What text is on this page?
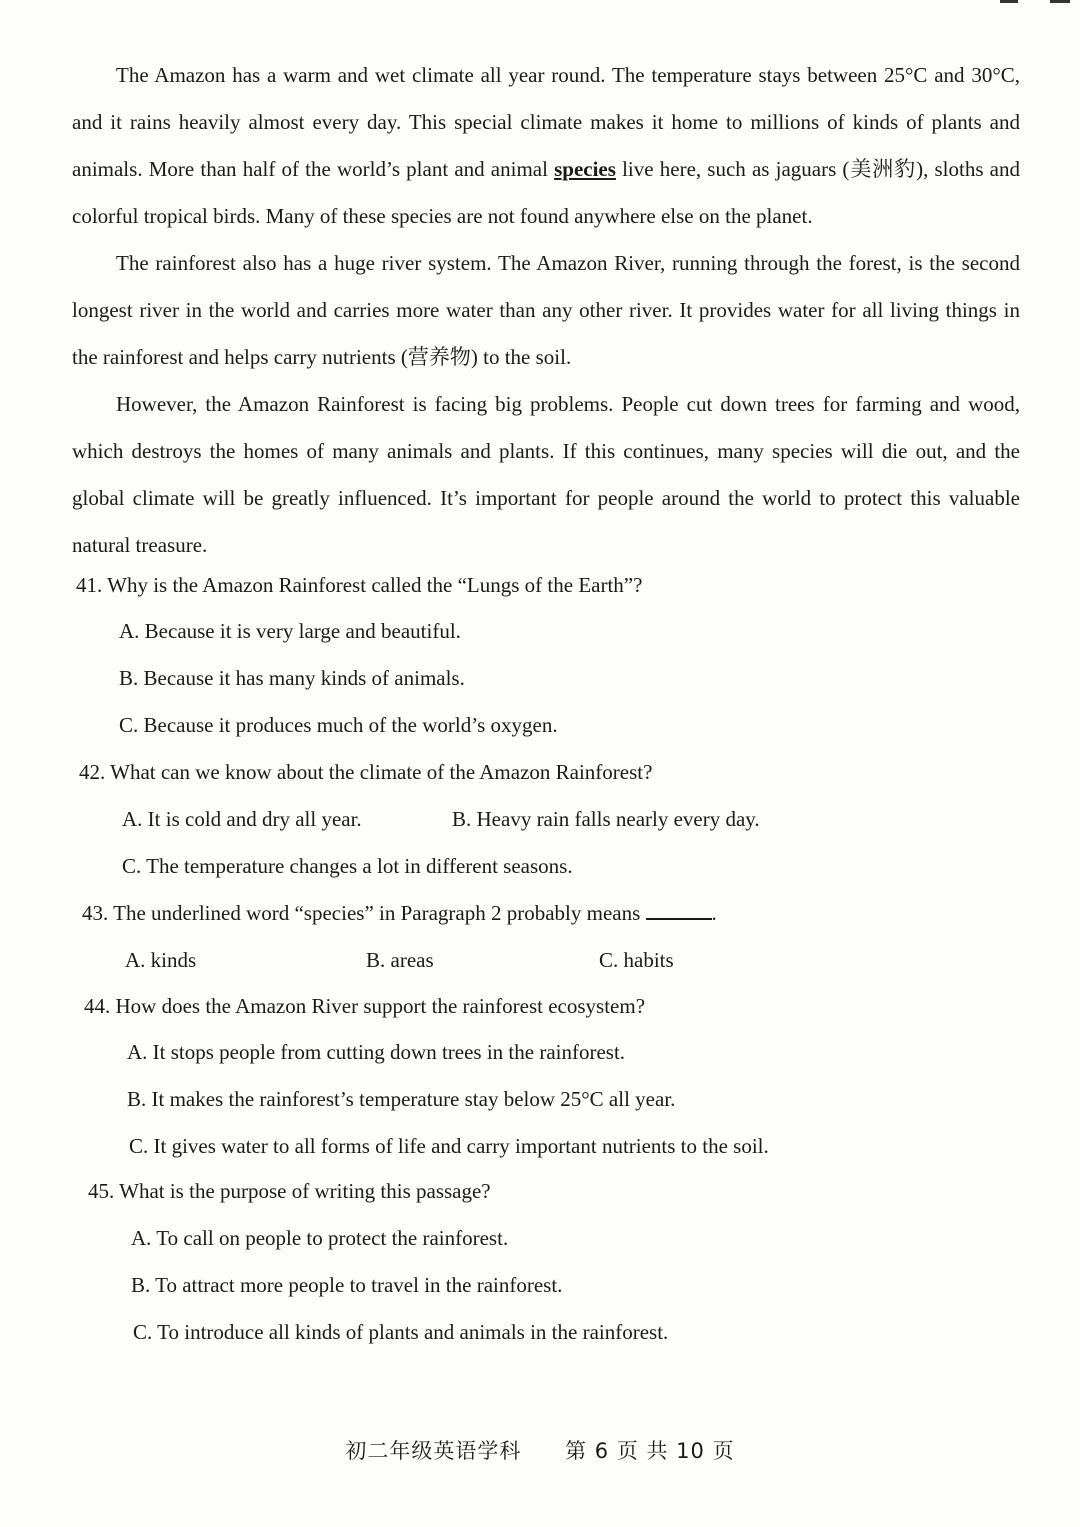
The Amazon has a warm and wet climate all year round. The temperature stays between 25°C and 30°C, and it rains heavily almost every day. This special climate makes it home to millions of kinds of plants and animals. More than half of the world’s plant and animal species live here, such as jaguars (美洲豹), sloths and colorful tropical birds. Many of these species are not found anywhere else on the planet.

The rainforest also has a huge river system. The Amazon River, running through the forest, is the second longest river in the world and carries more water than any other river. It provides water for all living things in the rainforest and helps carry nutrients (营养物) to the soil.

However, the Amazon Rainforest is facing big problems. People cut down trees for farming and wood, which destroys the homes of many animals and plants. If this continues, many species will die out, and the global climate will be greatly influenced. It’s important for people around the world to protect this valuable natural treasure.

41. Why is the Amazon Rainforest called the “Lungs of the Earth”?
A. Because it is very large and beautiful.
B. Because it has many kinds of animals.
C. Because it produces much of the world’s oxygen.
42. What can we know about the climate of the Amazon Rainforest?
A. It is cold and dry all year.	B. Heavy rain falls nearly every day.
C. The temperature changes a lot in different seasons.
43. The underlined word “species” in Paragraph 2 probably means	.
A. kinds	B. areas	C. habits
44. How does the Amazon River support the rainforest ecosystem?
A. It stops people from cutting down trees in the rainforest.
B. It makes the rainforest’s temperature stay below 25°C all year.
C. It gives water to all forms of life and carry important nutrients to the soil.
45. What is the purpose of writing this passage?
A. To call on people to protect the rainforest.
B. To attract more people to travel in the rainforest.
C. To introduce all kinds of plants and animals in the rainforest.
初二年级英语学科 第 6 页 共 10 页
